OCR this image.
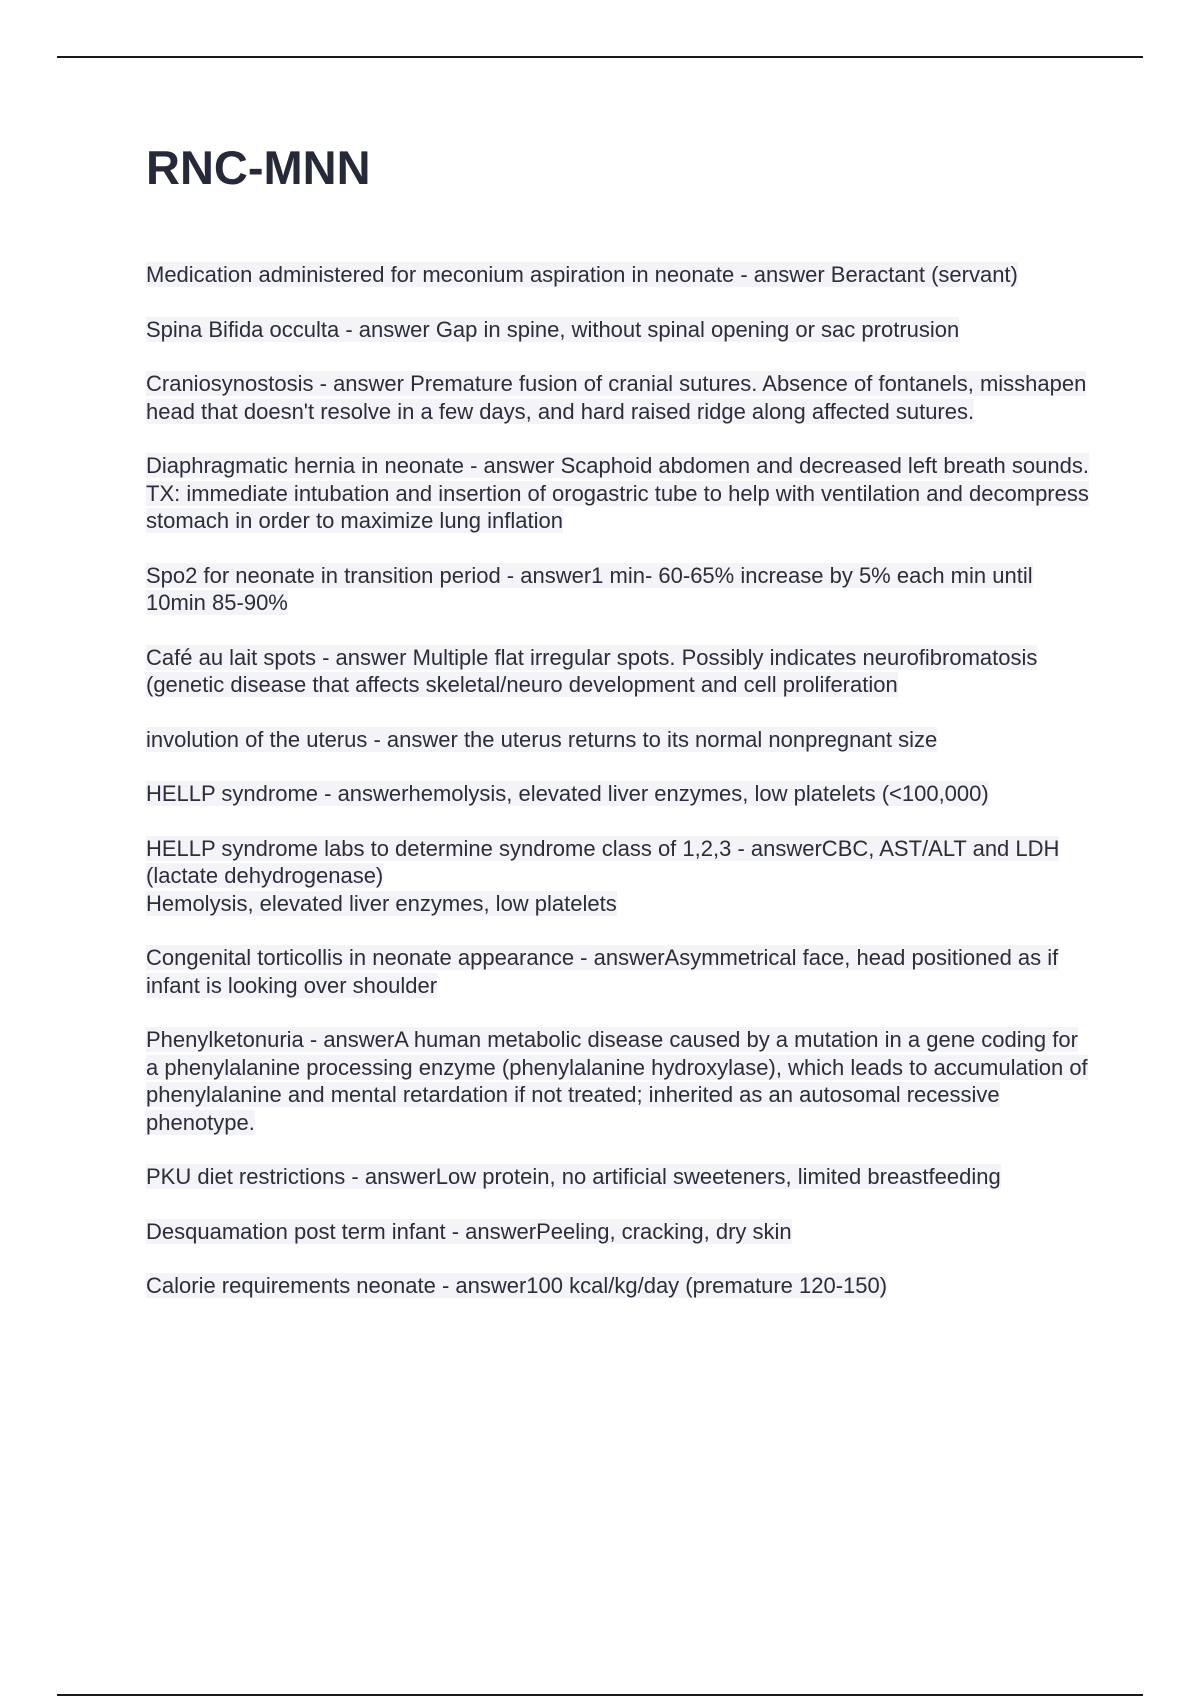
RNC-MNN
Medication administered for meconium aspiration in neonate - answer Beractant (servant)
Spina Bifida occulta - answer Gap in spine, without spinal opening or sac protrusion
Craniosynostosis - answer Premature fusion of cranial sutures. Absence of fontanels, misshapen head that doesn't resolve in a few days, and hard raised ridge along affected sutures.
Diaphragmatic hernia in neonate - answer Scaphoid abdomen and decreased left breath sounds. TX: immediate intubation and insertion of orogastric tube to help with ventilation and decompress stomach in order to maximize lung inflation
Spo2 for neonate in transition period - answer1 min- 60-65% increase by 5% each min until 10min 85-90%
Café au lait spots - answer Multiple flat irregular spots. Possibly indicates neurofibromatosis (genetic disease that affects skeletal/neuro development and cell proliferation
involution of the uterus - answer the uterus returns to its normal nonpregnant size
HELLP syndrome - answerhemolysis, elevated liver enzymes, low platelets (<100,000)
HELLP syndrome labs to determine syndrome class of 1,2,3 - answerCBC, AST/ALT and LDH (lactate dehydrogenase)
Hemolysis, elevated liver enzymes, low platelets
Congenital torticollis in neonate appearance - answerAsymmetrical face, head positioned as if infant is looking over shoulder
Phenylketonuria - answerA human metabolic disease caused by a mutation in a gene coding for a phenylalanine processing enzyme (phenylalanine hydroxylase), which leads to accumulation of phenylalanine and mental retardation if not treated; inherited as an autosomal recessive phenotype.
PKU diet restrictions - answerLow protein, no artificial sweeteners, limited breastfeeding
Desquamation post term infant - answerPeeling, cracking, dry skin
Calorie requirements neonate - answer100 kcal/kg/day (premature 120-150)
